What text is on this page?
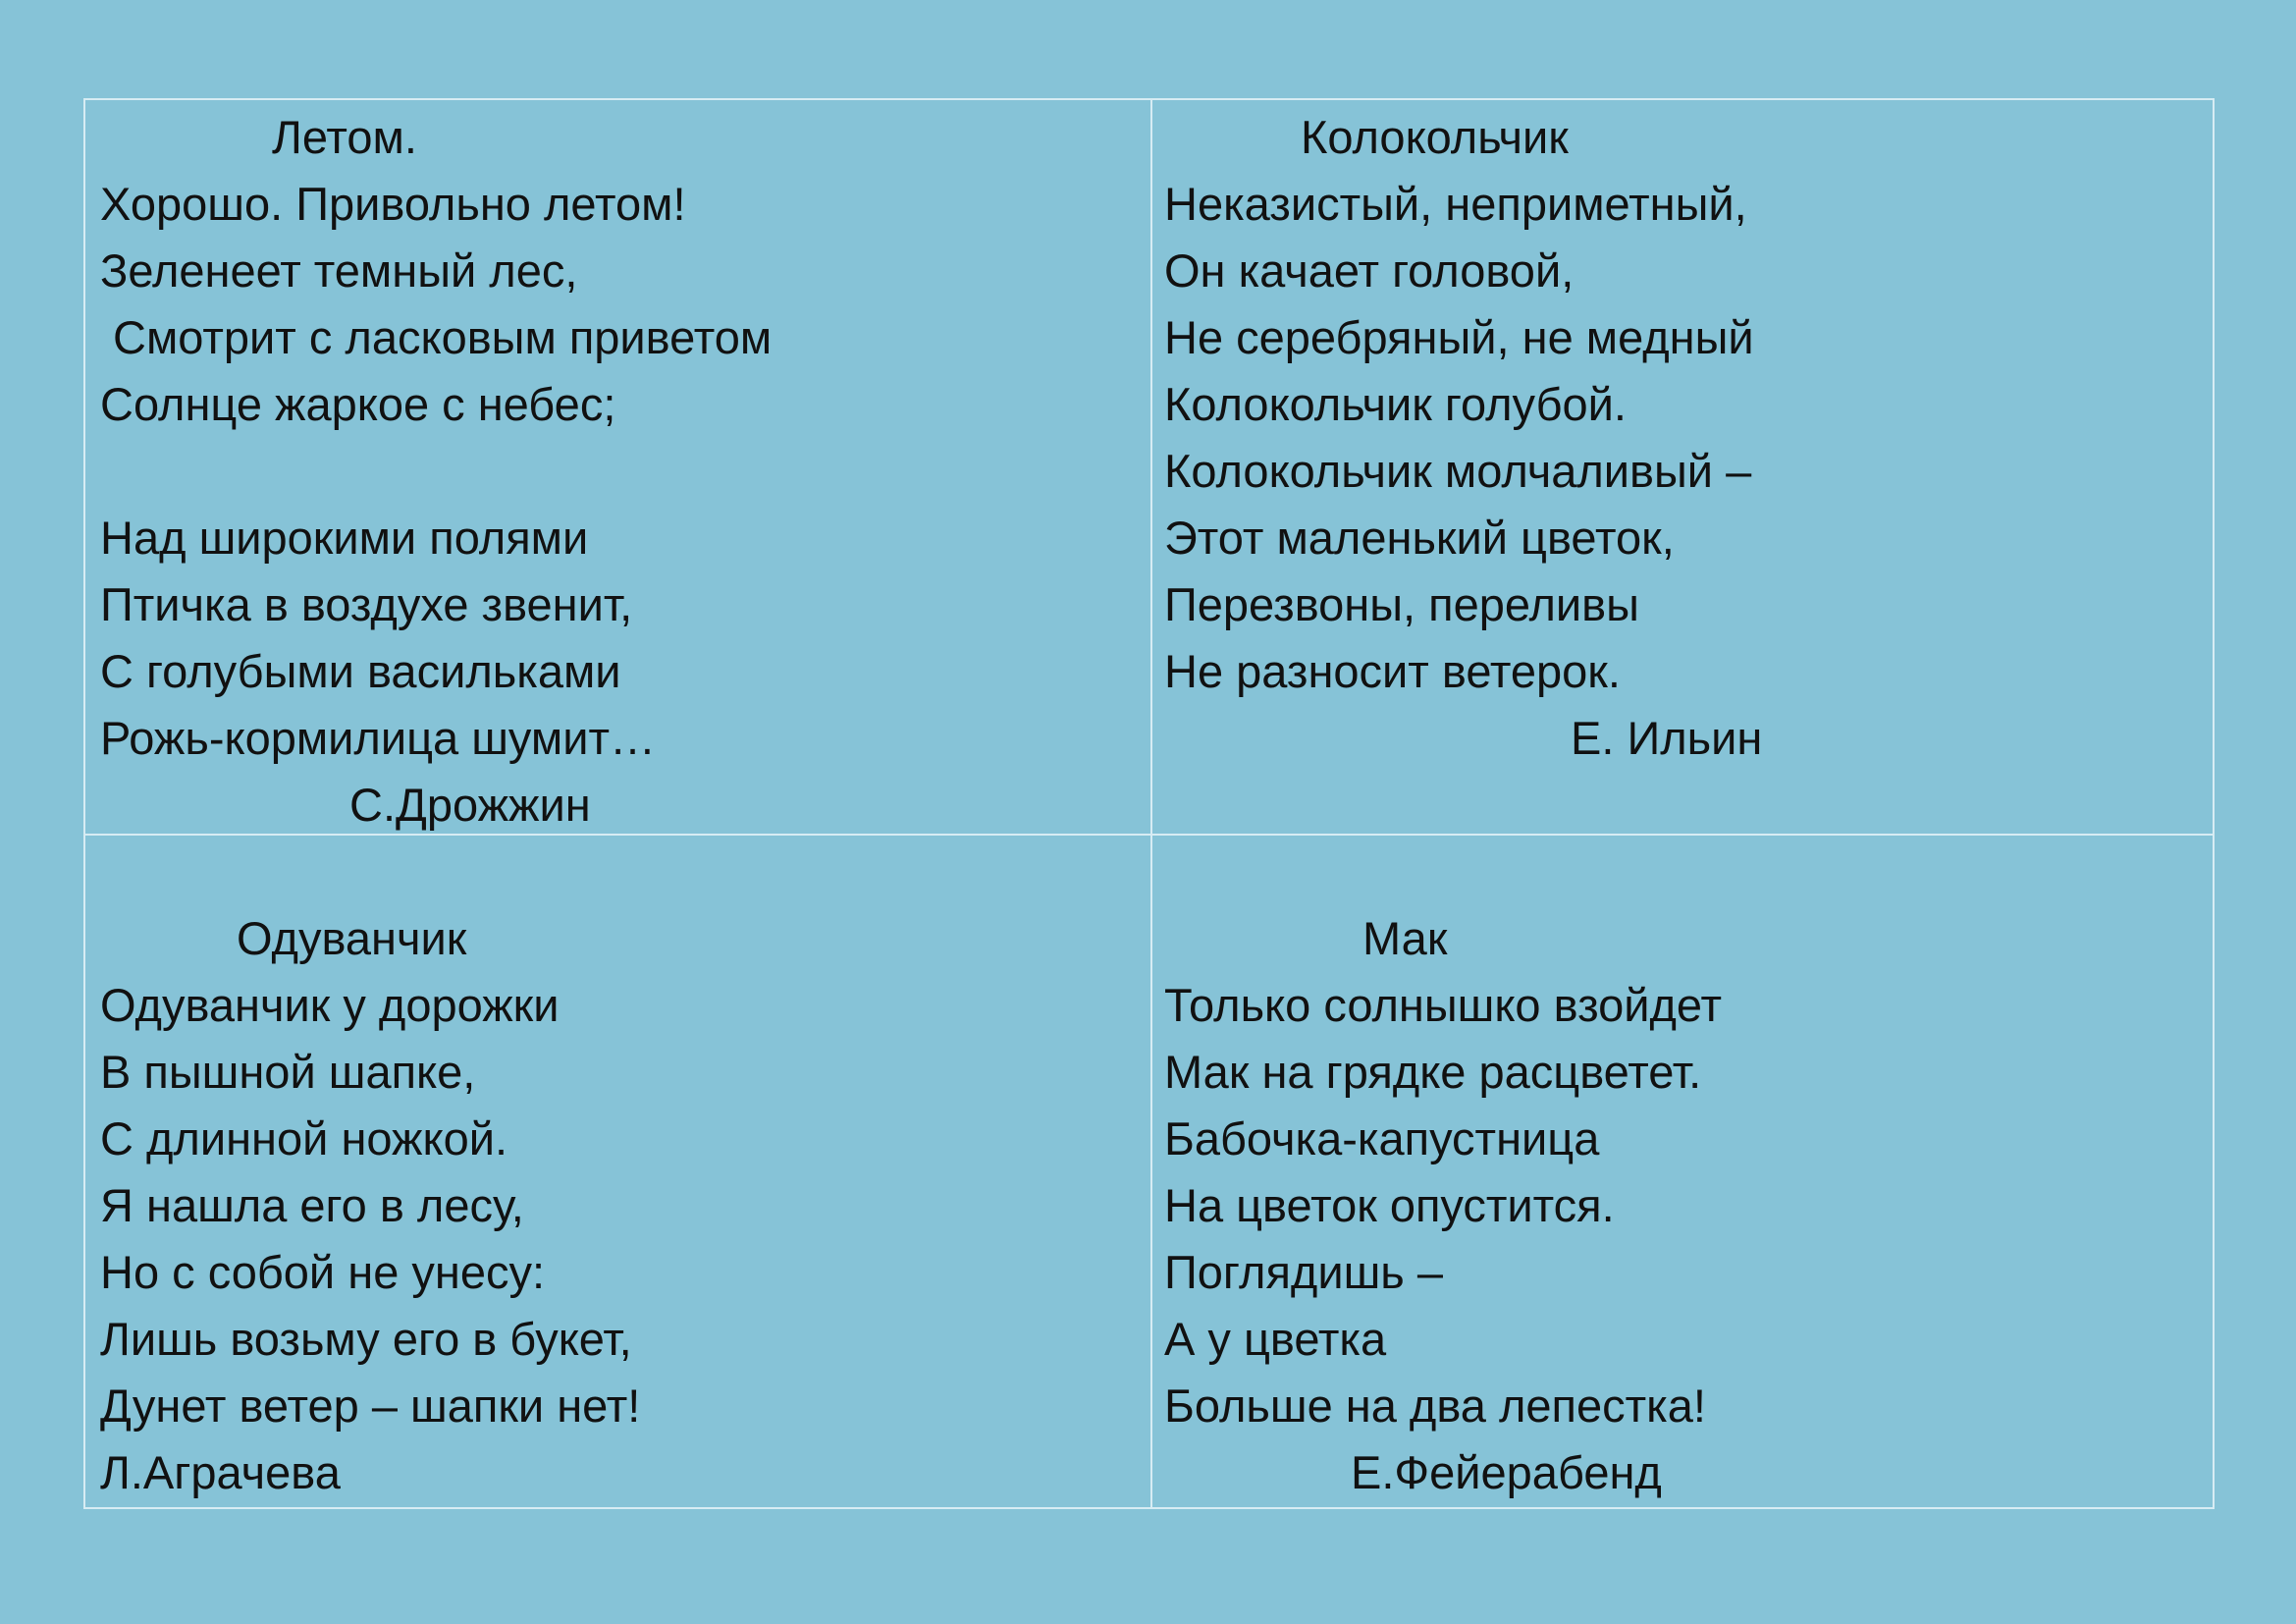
Летом.
Хорошо. Привольно летом!
Зеленеет темный лес,
Смотрит с ласковым приветом
Солнце жаркое с небес;
Над широкими полями
Птичка в воздухе звенит,
С голубыми васильками
Рожь-кормилица шумит…
С.Дрожжин
Колокольчик
Неказистый, неприметный,
Он качает головой,
Не серебряный, не медный
Колокольчик голубой.
Колокольчик молчаливый –
Этот маленький цветок,
Перезвоны, переливы
Не разносит ветерок.
Е. Ильин
Одуванчик
Одуванчик у дорожки
В пышной шапке,
С длинной ножкой.
Я нашла его в лесу,
Но с собой не унесу:
Лишь возьму его в букет,
Дунет ветер – шапки нет!
Л.Аграчева
Мак
Только солнышко взойдет
Мак на грядке расцветет.
Бабочка-капустница
На цветок опустится.
Поглядишь –
А у цветка
Больше на два лепестка!
Е.Фейерабенд
